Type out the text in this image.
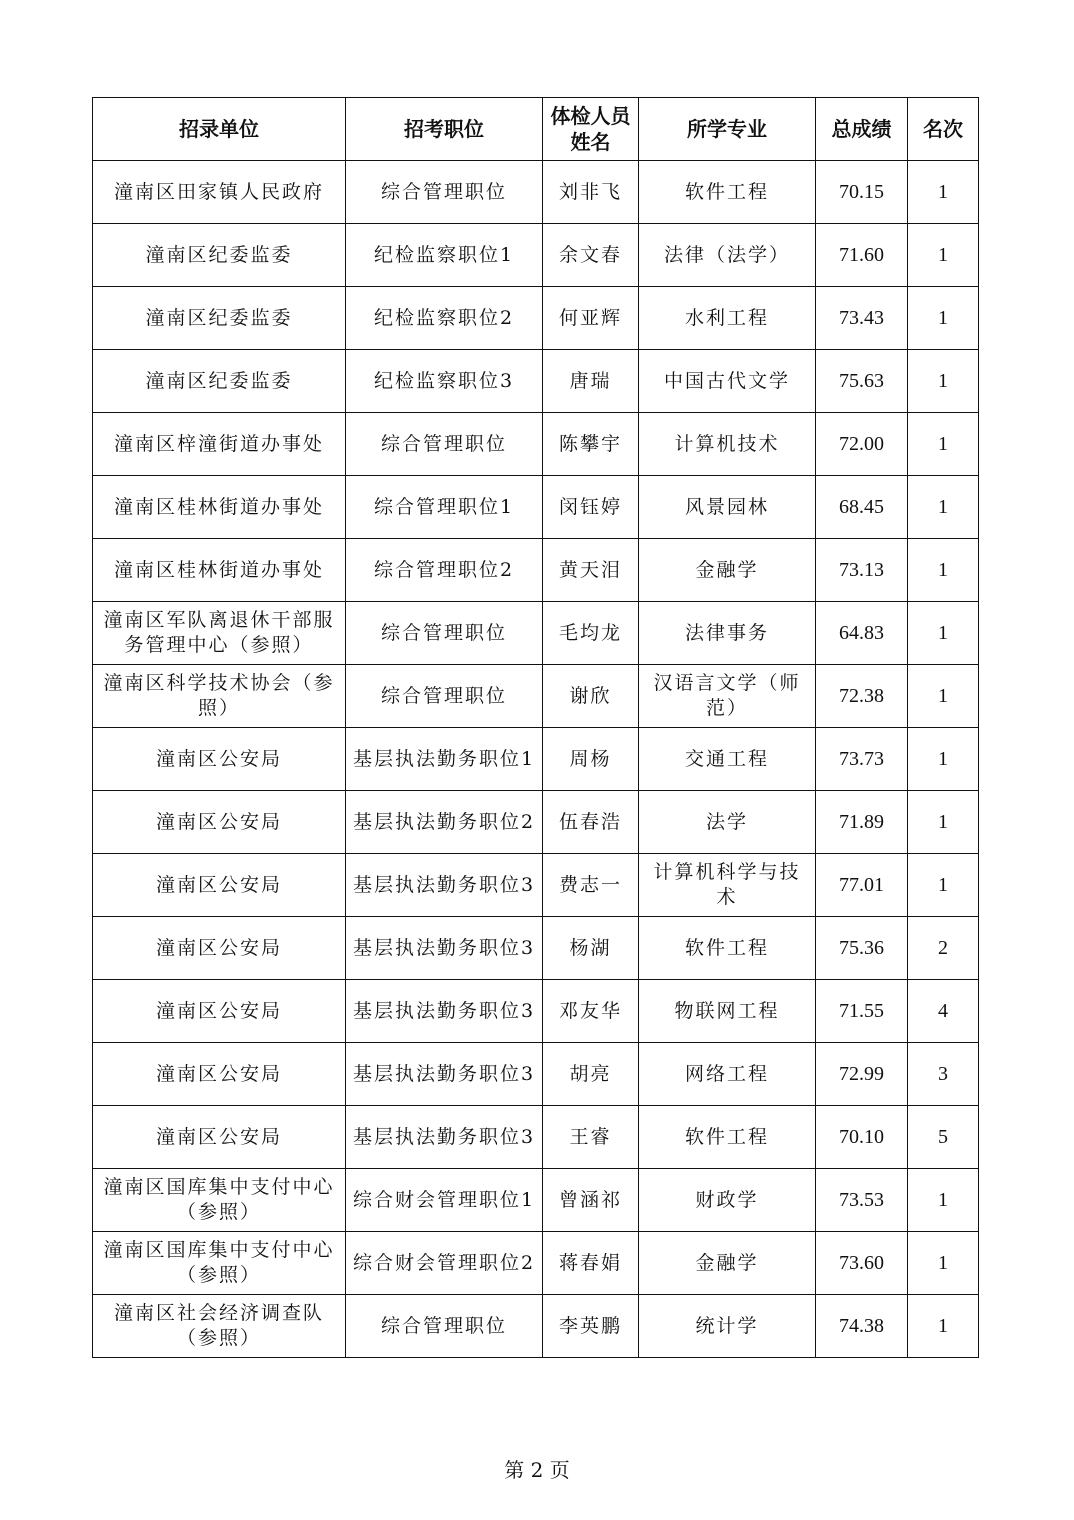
招录单位	招考职位	体检人员姓名	所学专业	总成绩	名次
潼南区田家镇人民政府	综合管理职位	刘非飞	软件工程	70.15	1
潼南区纪委监委	纪检监察职位1	余文春	法律（法学）	71.60	1
潼南区纪委监委	纪检监察职位2	何亚辉	水利工程	73.43	1
潼南区纪委监委	纪检监察职位3	唐瑞	中国古代文学	75.63	1
潼南区梓潼街道办事处	综合管理职位	陈攀宇	计算机技术	72.00	1
潼南区桂林街道办事处	综合管理职位1	闵钰婷	风景园林	68.45	1
潼南区桂林街道办事处	综合管理职位2	黄天泪	金融学	73.13	1
潼南区军队离退休干部服务管理中心（参照）	综合管理职位	毛均龙	法律事务	64.83	1
潼南区科学技术协会（参照）	综合管理职位	谢欣	汉语言文学（师范）	72.38	1
潼南区公安局	基层执法勤务职位1	周杨	交通工程	73.73	1
潼南区公安局	基层执法勤务职位2	伍春浩	法学	71.89	1
潼南区公安局	基层执法勤务职位3	费志一	计算机科学与技术	77.01	1
潼南区公安局	基层执法勤务职位3	杨湖	软件工程	75.36	2
潼南区公安局	基层执法勤务职位3	邓友华	物联网工程	71.55	4
潼南区公安局	基层执法勤务职位3	胡亮	网络工程	72.99	3
潼南区公安局	基层执法勤务职位3	王睿	软件工程	70.10	5
潼南区国库集中支付中心（参照）	综合财会管理职位1	曾涵祁	财政学	73.53	1
潼南区国库集中支付中心（参照）	综合财会管理职位2	蒋春娟	金融学	73.60	1
潼南区社会经济调查队（参照）	综合管理职位	李英鹏	统计学	74.38	1
第 2 页
